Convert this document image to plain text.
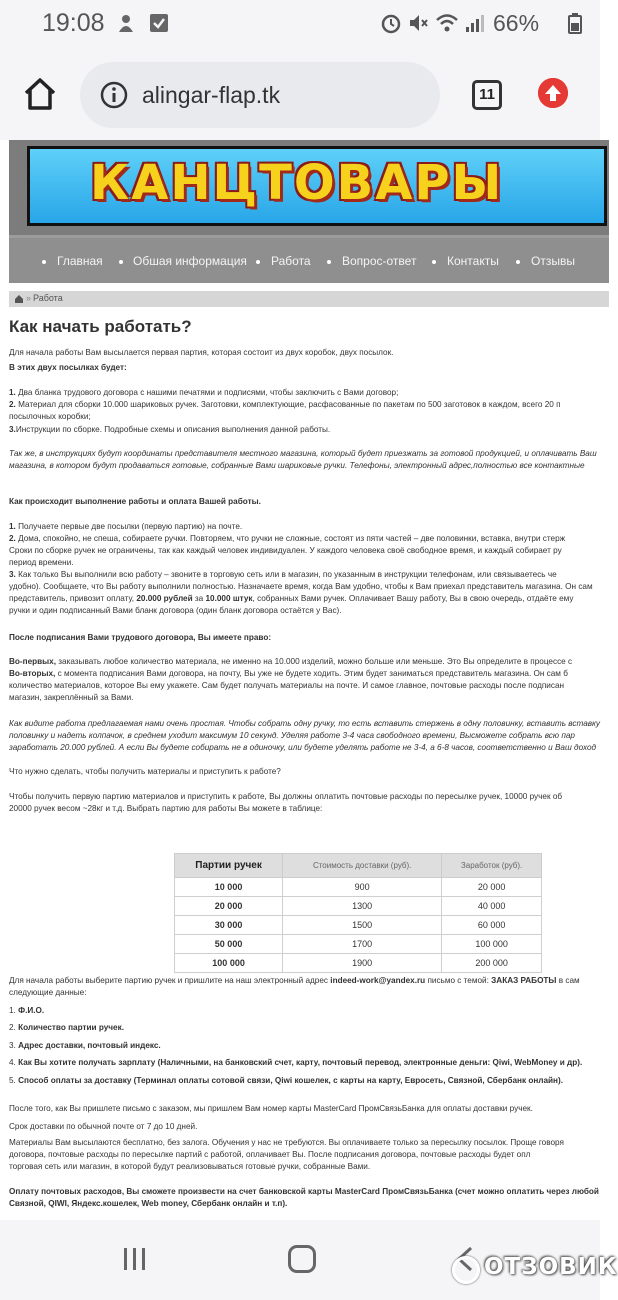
19:08	66%
alingar-flap.tk	11
КАНЦТОВАРЫ
Главная	Обшая информация Работа	Вопрос-ответ	Контакты	Отзывы
» Работа
Как начать работать?
Для начала работы Вам высылается первая партия, которая состоит из двух коробок, двух посылок.
В этих двух посылках будет:
1. Два бланка трудового договора с нашими печатями и подписями, чтобы заключить с Вами договор;
2. Материал для сборки 10.000 шариковых ручек. Заготовки, комплектующие, расфасованные по пакетам по 500 заготовок в каждом, всего 20 п
посылочных коробки;
3.Инструкции по сборке. Подробные схемы и описания выполнения данной работы.
Так же, в инструкциях будут координаты представителя местного магазина, который будет приезжать за готовой продукцией, и оплачивать Ваш
магазина, в котором будут продаваться готовые, собранные Вами шариковые ручки. Телефоны, электронный адрес,полностью все контактные
Как происходит выполнение работы и оплата Вашей работы.
1. Получаете первые две посылки (первую партию) на почте.
2. Дома, спокойно, не спеша, собираете ручки. Повторяем, что ручки не сложные, состоят из пяти частей – две половинки, вставка, внутри стерж
Сроки по сборке ручек не ограничены, так как каждый человек индивидуален. У каждого человека своё свободное время, и каждый собирает ру
период времени.
3. Как только Вы выполнили всю работу – звоните в торговую сеть или в магазин, по указанным в инструкции телефонам, или связываетесь че
удобно). Сообщаете, что Вы работу выполнили полностью. Назначаете время, когда Вам удобно, чтобы к Вам приехал представитель магазина. Он сам
представитель, привозит оплату, 20.000 рублей за 10.000 штук, собранных Вами ручек. Оплачивает Вашу работу, Вы в свою очередь, отдаёте ему
ручки и один подписанный Вами бланк договора (один бланк договора остаётся у Вас).
После подписания Вами трудового договора, Вы имеете право:
Во-первых, заказывать любое количество материала, не именно на 10.000 изделий, можно больше или меньше. Это Вы определите в процессе с
Во-вторых, с момента подписания Вами договора, на почту, Вы уже не будете ходить. Этим будет заниматься представитель магазина. Он сам б
количество материалов, которое Вы ему укажете. Сам будет получать материалы на почте. И самое главное, почтовые расходы после подписан
магазин, закреплённый за Вами.
Как видите работа предлагаемая нами очень простая. Чтобы собрать одну ручку, то есть вставить стержень в одну половинку, вставить вставку
половинку и надеть колпачок, в среднем уходит максимум 10 секунд. Уделяя работе 3-4 часа свободного времени, Высможете собрать всю пар
заработать 20.000 рублей. А если Вы будете собирать не в одиночку, или будете уделять работе не 3-4, а 6-8 часов, соответственно и Ваш доход
Что нужно сделать, чтобы получить материалы и приступить к работе?
Чтобы получить первую партию материалов и приступить к работе, Вы должны оплатить почтовые расходы по пересылке ручек, 10000 ручек об
20000 ручек весом ~28кг и т.д. Выбрать партию для работы Вы можете в таблице:
Для начала работы выберите партию ручек и пришлите на наш электронный адрес indeed-work@yandex.ru письмо с темой: ЗАКАЗ РАБОТЫ в сам
следующие данные:
1. Ф.И.О.
2. Количество партии ручек.
3. Адрес доставки, почтовый индекс.
4. Как Вы хотите получать зарплату (Наличными, на банковский счет, карту, почтовый перевод, электронные деньги: Qiwi, WebMoney и др).
5. Способ оплаты за доставку (Терминал оплаты сотовой связи, Qiwi кошелек, с карты на карту, Евросеть, Связной, Сбербанк онлайн).
После того, как Вы пришлете письмо с заказом, мы пришлем Вам номер карты MasterCard ПромСвязьБанка для оплаты доставки ручек.
Срок доставки по обычной почте от 7 до 10 дней.
Материалы Вам высылаются бесплатно, без залога. Обучения у нас не требуются. Вы оплачиваете только за пересылку посылок. Проще говоря
договора, почтовые расходы по пересылке партий с работой, оплачивает Вы. После подписания договора, почтовые расходы будет опл
торговая сеть или магазин, в которой будут реализовываться готовые ручки, собранные Вами.
Оплату почтовых расходов, Вы сможете произвести на счет банковской карты MasterCard ПромСвязьБанка (счет можно оплатить через любой
Связной, QIWI, Яндекс.кошелек, Web money, Сбербанк онлайн и т.п).
Партии ручек	Стоимость доставки (руб).	Заработок (руб).
10 000	900	20 000
20 000	1300	40 000
30 000	1500	60 000
50 000	1700	100 000
100 000	1900	200 000
ОТЗОВИК
